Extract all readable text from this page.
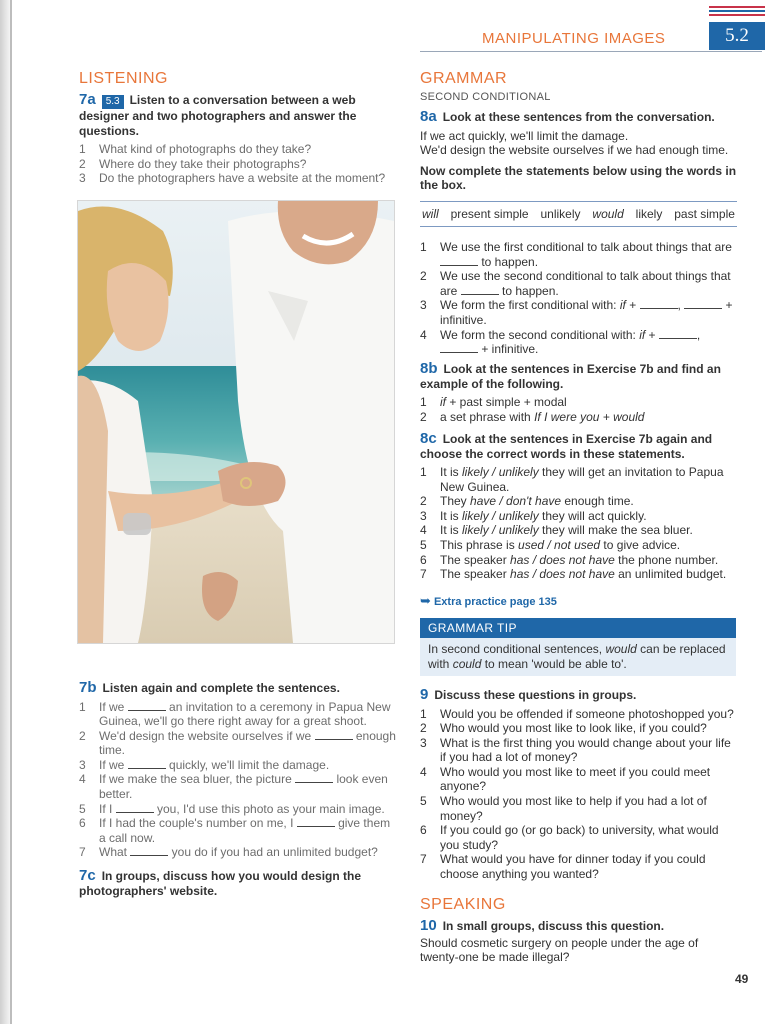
MANIPULATING IMAGES	5.2
LISTENING
7a 5.3 Listen to a conversation between a web designer and two photographers and answer the questions.
1	What kind of photographs do they take?
2	Where do they take their photographs?
3	Do the photographers have a website at the moment?
7b Listen again and complete the sentences.
1	If we	an invitation to a ceremony in Papua New Guinea, we'll go there right away for a great shoot.
2	We'd design the website ourselves if we	enough time.
3	If we	quickly, we'll limit the damage.
4	If we make the sea bluer, the picture	look even better.
5	If I	you, I'd use this photo as your main image.
6	If I had the couple's number on me, I	give them a call now.
7	What	you do if you had an unlimited budget?
7c In groups, discuss how you would design the photographers' website.
GRAMMAR
SECOND CONDITIONAL
8a Look at these sentences from the conversation.
If we act quickly, we'll limit the damage.
We'd design the website ourselves if we had enough time.
Now complete the statements below using the words in the box.
will present simple unlikely would likely past simple
1	We use the first conditional to talk about things that are  to happen.
2	We use the second conditional to talk about things that are	to happen.
3	We form the first conditional with: if +	,	+ infinitive.
4	We form the second conditional with: if +	,  + infinitive.
8b Look at the sentences in Exercise 7b and find an example of the following.
1	if + past simple + modal
2	a set phrase with If I were you + would
8c Look at the sentences in Exercise 7b again and choose the correct words in these statements.
1	It is likely / unlikely they will get an invitation to Papua New Guinea.
2	They have / don't have enough time.
3	It is likely / unlikely they will act quickly.
4	It is likely / unlikely they will make the sea bluer.
5	This phrase is used / not used to give advice.
6	The speaker has / does not have the phone number.
7	The speaker has / does not have an unlimited budget.
➥ Extra practice page 135
GRAMMAR TIP
In second conditional sentences, would can be replaced with could to mean 'would be able to'.
9 Discuss these questions in groups.
1	Would you be offended if someone photoshopped you?
2	Who would you most like to look like, if you could?
3	What is the first thing you would change about your life if you had a lot of money?
4	Who would you most like to meet if you could meet anyone?
5	Who would you most like to help if you had a lot of money?
6	If you could go (or go back) to university, what would you study?
7	What would you have for dinner today if you could choose anything you wanted?
SPEAKING
10 In small groups, discuss this question.
Should cosmetic surgery on people under the age of twenty-one be made illegal?
49
